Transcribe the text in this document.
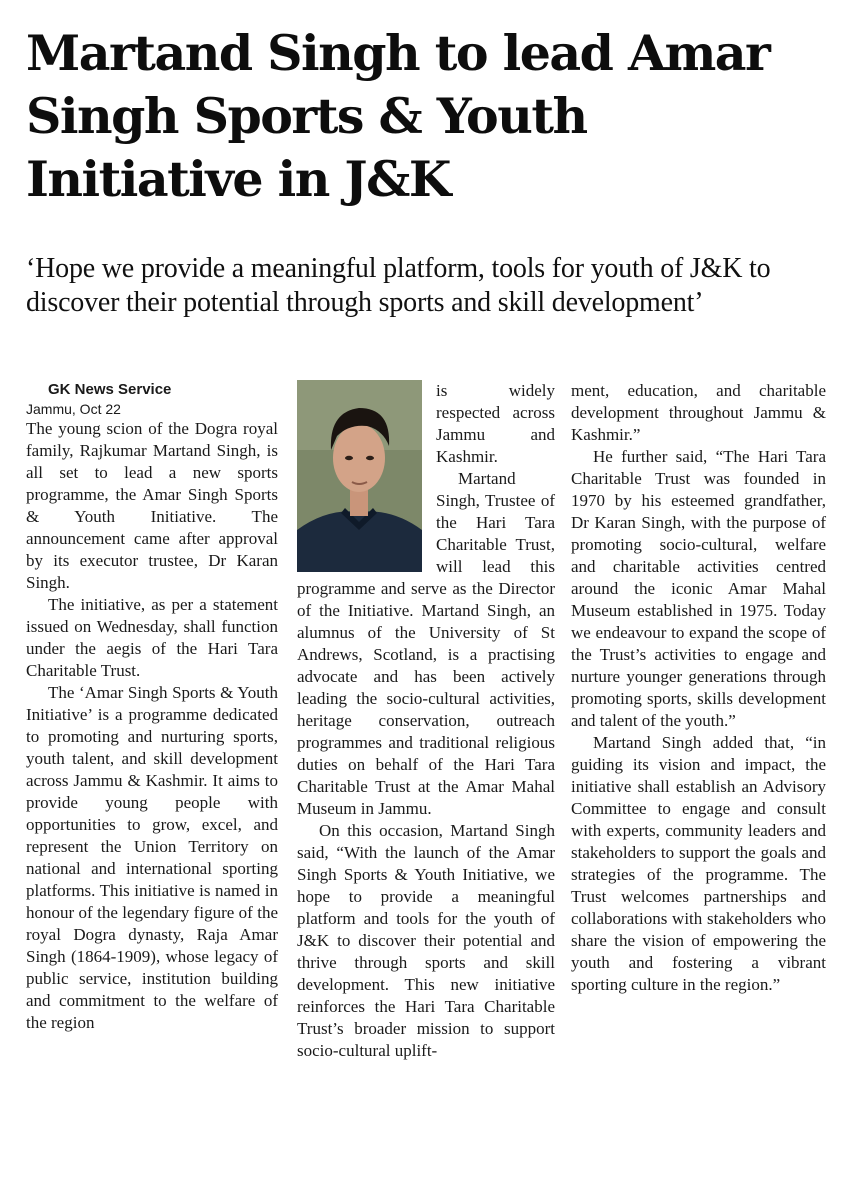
Martand Singh to lead Amar Singh Sports & Youth Initiative in J&K
‘Hope we provide a meaningful platform, tools for youth of J&K to discover their potential through sports and skill development’

GK News Service

Jammu, Oct 22

The young scion of the Dogra royal family, Rajkumar Martand Singh, is all set to lead a new sports programme, the Amar Singh Sports & Youth Initiative. The announcement came after approval by its executor trustee, Dr Karan Singh.

The initiative, as per a statement issued on Wednesday, shall function under the aegis of the Hari Tara Charitable Trust.

The ‘Amar Singh Sports & Youth Initiative’ is a programme dedicated to promoting and nurturing sports, youth talent, and skill development across Jammu & Kashmir. It aims to provide young people with opportunities to grow, excel, and represent the Union Territory on national and international sporting platforms. This initiative is named in honour of the legendary figure of the royal Dogra dynasty, Raja Amar Singh (1864-1909), whose legacy of public service, institution building and commitment to the welfare of the region

is widely respected across Jammu and Kashmir.

Martand Singh, Trustee of the Hari Tara Charitable Trust, will lead this programme and serve as the Director of the Initiative. Martand Singh, an alumnus of the University of St Andrews, Scotland, is a practising advocate and has been actively leading the socio-cultural activities, heritage conservation, outreach programmes and traditional religious duties on behalf of the Hari Tara Charitable Trust at the Amar Mahal Museum in Jammu.

On this occasion, Martand Singh said, “With the launch of the Amar Singh Sports & Youth Initiative, we hope to provide a meaningful platform and tools for the youth of J&K to discover their potential and thrive through sports and skill development. This new initiative reinforces the Hari Tara Charitable Trust’s broader mission to support socio-cultural uplift-

ment, education, and charitable development throughout Jammu & Kashmir.”

He further said, “The Hari Tara Charitable Trust was founded in 1970 by his esteemed grandfather, Dr Karan Singh, with the purpose of promoting socio-cultural, welfare and charitable activities centred around the iconic Amar Mahal Museum established in 1975. Today we endeavour to expand the scope of the Trust’s activities to engage and nurture younger generations through promoting sports, skills development and talent of the youth.”

Martand Singh added that, “in guiding its vision and impact, the initiative shall establish an Advisory Committee to engage and consult with experts, community leaders and stakeholders to support the goals and strategies of the programme. The Trust welcomes partnerships and collaborations with stakeholders who share the vision of empowering the youth and fostering a vibrant sporting culture in the region.”
